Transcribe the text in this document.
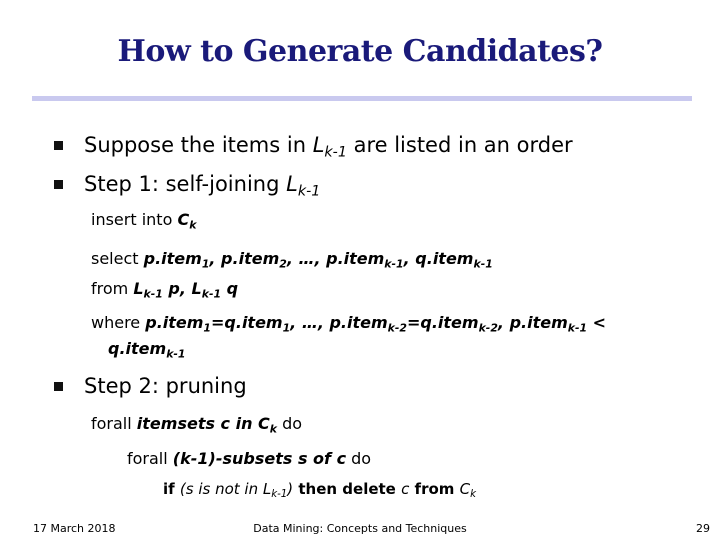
How to Generate Candidates?
Suppose the items in $L_{k-1}$ are listed in an order
Step 1: self-joining $L_{k-1}$
insert into $C_k$
select p.item$_1$, p.item$_2$, …, p.item$_{k-1}$, q.item$_{k-1}$
from $L_{k-1}$ p, $L_{k-1}$ q
where p.item$_1$=q.item$_1$, …, p.item$_{k-2}$=q.item$_{k-2}$, p.item$_{k-1}$ <
q.item$_{k-1}$
Step 2: pruning
forall itemsets c in $C_k$ do
forall (k-1)-subsets s of c do
if (s is not in $L_{k-1}$) then delete c from $C_k$
17 March 2018	Data Mining: Concepts and Techniques	29
